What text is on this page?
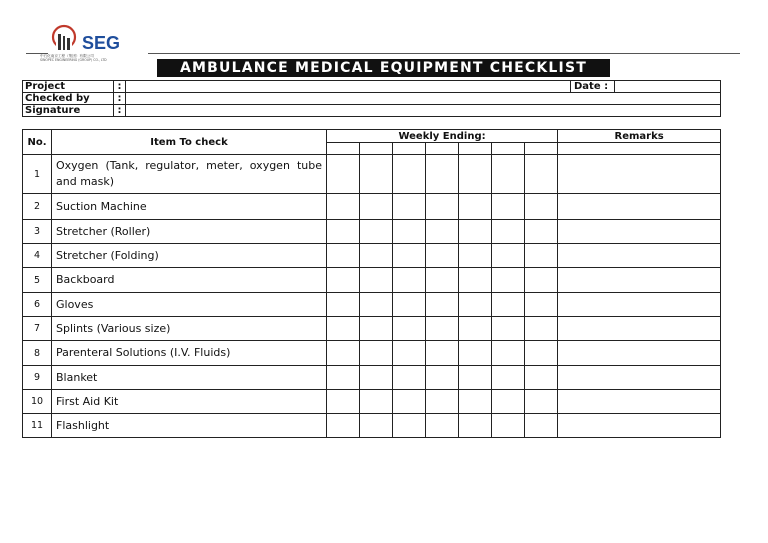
SEG
中石化南京工程（集团）有限公司
SINOPEC ENGINEERING (GROUP) CO., LTD	AMBULANCE MEDICAL EQUIPMENT CHECKLIST
Project	:		Date :	
Checked by	:			
Signature	:			
No.	Item To check	Weekly Ending:							Remarks

1	Oxygen (Tank, regulator, meter, oxygen tube and mask)								
2	Suction Machine								
3	Stretcher (Roller)								
4	Stretcher (Folding)								
5	Backboard								
6	Gloves								
7	Splints (Various size)								
8	Parenteral Solutions (I.V. Fluids)								
9	Blanket								
10	First Aid Kit								
11	Flashlight								
